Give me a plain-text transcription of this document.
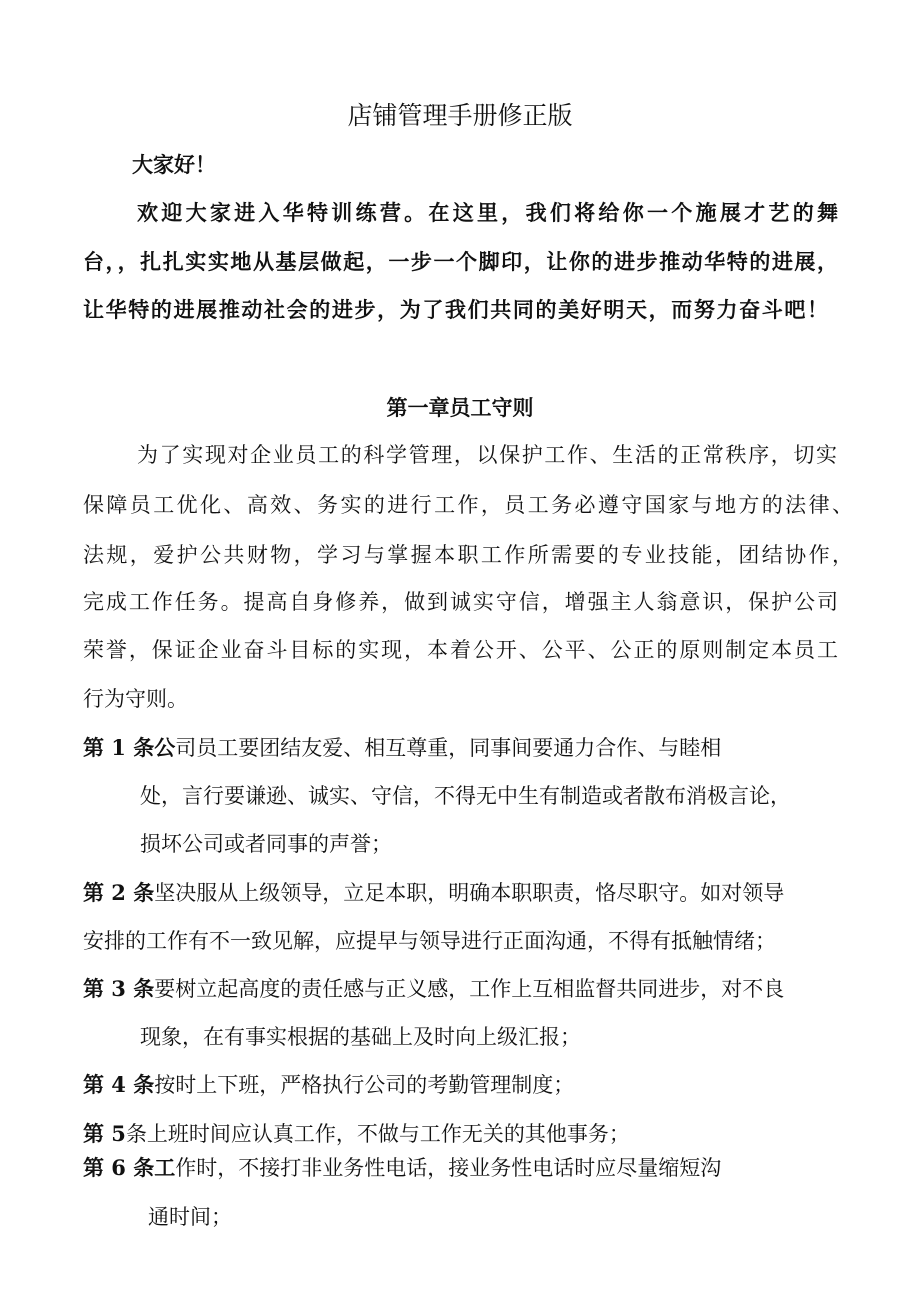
店铺管理手册修正版
大家好！
欢迎大家进入华特训练营。在这里，我们将给你一个施展才艺的舞
台，，扎扎实实地从基层做起，一步一个脚印，让你的进步推动华特的进展，
让华特的进展推动社会的进步，为了我们共同的美好明天，而努力奋斗吧！
第一章员工守则
为了实现对企业员工的科学管理，以保护工作、生活的正常秩序，切实
保障员工优化、高效、务实的进行工作，员工务必遵守国家与地方的法律、
法规，爱护公共财物，学习与掌握本职工作所需要的专业技能，团结协作，
完成工作任务。提高自身修养，做到诚实守信，增强主人翁意识，保护公司
荣誉，保证企业奋斗目标的实现，本着公开、公平、公正的原则制定本员工
行为守则。
第 1 条公司员工要团结友爱、相互尊重，同事间要通力合作、与睦相
处，言行要谦逊、诚实、守信，不得无中生有制造或者散布消极言论，
损坏公司或者同事的声誉；
第 2 条坚决服从上级领导，立足本职，明确本职职责，恪尽职守。如对领导
安排的工作有不一致见解，应提早与领导进行正面沟通，不得有抵触情绪；
第 3 条要树立起高度的责任感与正义感，工作上互相监督共同进步，对不良
现象，在有事实根据的基础上及时向上级汇报；
第 4 条按时上下班，严格执行公司的考勤管理制度；
第 5条上班时间应认真工作，不做与工作无关的其他事务；
第 6 条工作时，不接打非业务性电话，接业务性电话时应尽量缩短沟
通时间；
